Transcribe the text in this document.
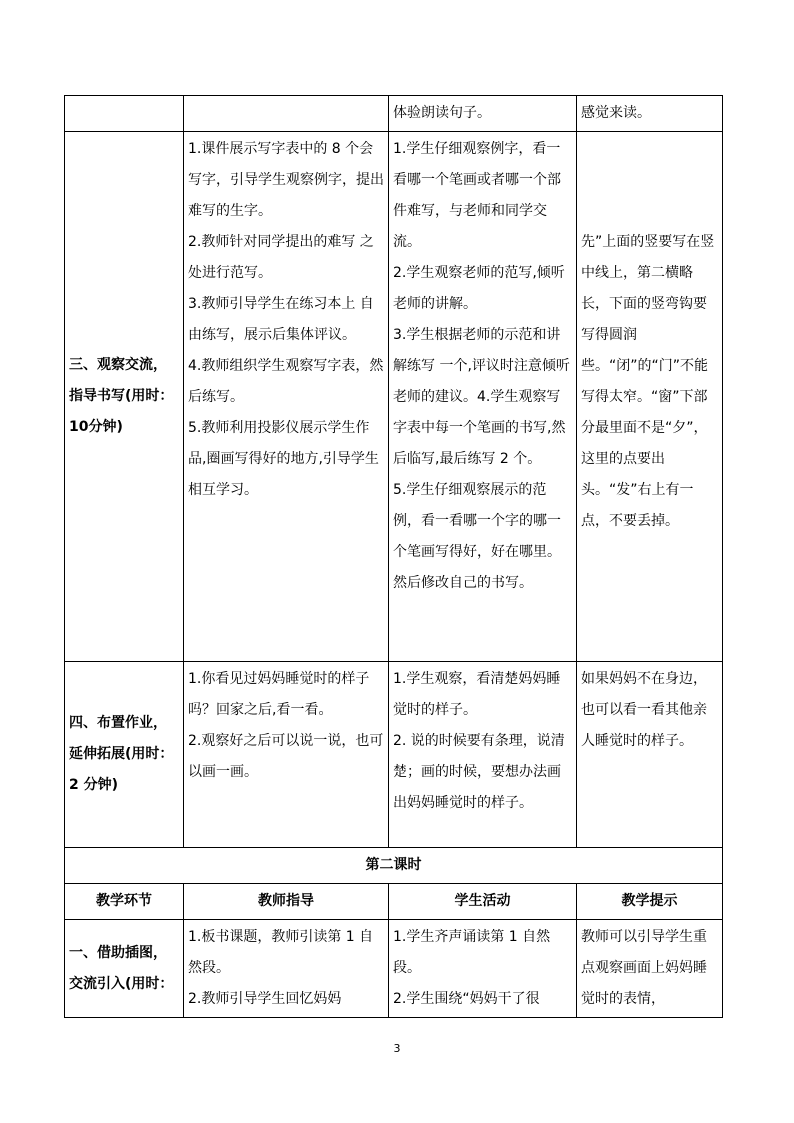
		体验朗读句子。	感觉来读。
三、观察交流，指导书写(用时：10分钟)	1.课件展示写字表中的 8 个会写字，引导学生观察例字，提出难写的生字。
2.教师针对同学提出的难写 之处进行范写。
3.教师引导学生在练习本上 自由练写，展示后集体评议。
4.教师组织学生观察写字表，然后练写。
5.教师利用投影仪展示学生作品,圈画写得好的地方,引导学生相互学习。	1.学生仔细观察例字，看一看哪一个笔画或者哪一个部件难写，与老师和同学交流。
2.学生观察老师的范写,倾听老师的讲解。
3.学生根据老师的示范和讲解练写 一个,评议时注意倾听老师的建议。4.学生观察写字表中每一个笔画的书写,然后临写,最后练写 2 个。
5.学生仔细观察展示的范例，看一看哪一个字的哪一个笔画写得好，好在哪里。然后修改自己的书写。	先”上面的竖要写在竖中线上，第二横略长，下面的竖弯钩要写得圆润些。“闭”的“门”不能写得太窄。“窗”下部分最里面不是“夕”，这里的点要出头。“发”右上有一点，不要丢掉。
四、布置作业，延伸拓展(用时：2 分钟)	1.你看见过妈妈睡觉时的样子吗？回家之后,看一看。
2.观察好之后可以说一说，也可以画一画。	1.学生观察，看清楚妈妈睡觉时的样子。
2. 说的时候要有条理，说清楚；画的时候，要想办法画出妈妈睡觉时的样子。	如果妈妈不在身边，也可以看一看其他亲人睡觉时的样子。
第二课时			
教学环节	教师指导	学生活动	教学提示
一、借助插图，交流引入(用时：	1.板书课题，教师引读第 1 自然段。
2.教师引导学生回忆妈妈	1.学生齐声诵读第 1 自然段。
2.学生围绕“妈妈干了很	教师可以引导学生重点观察画面上妈妈睡觉时的表情，
3
